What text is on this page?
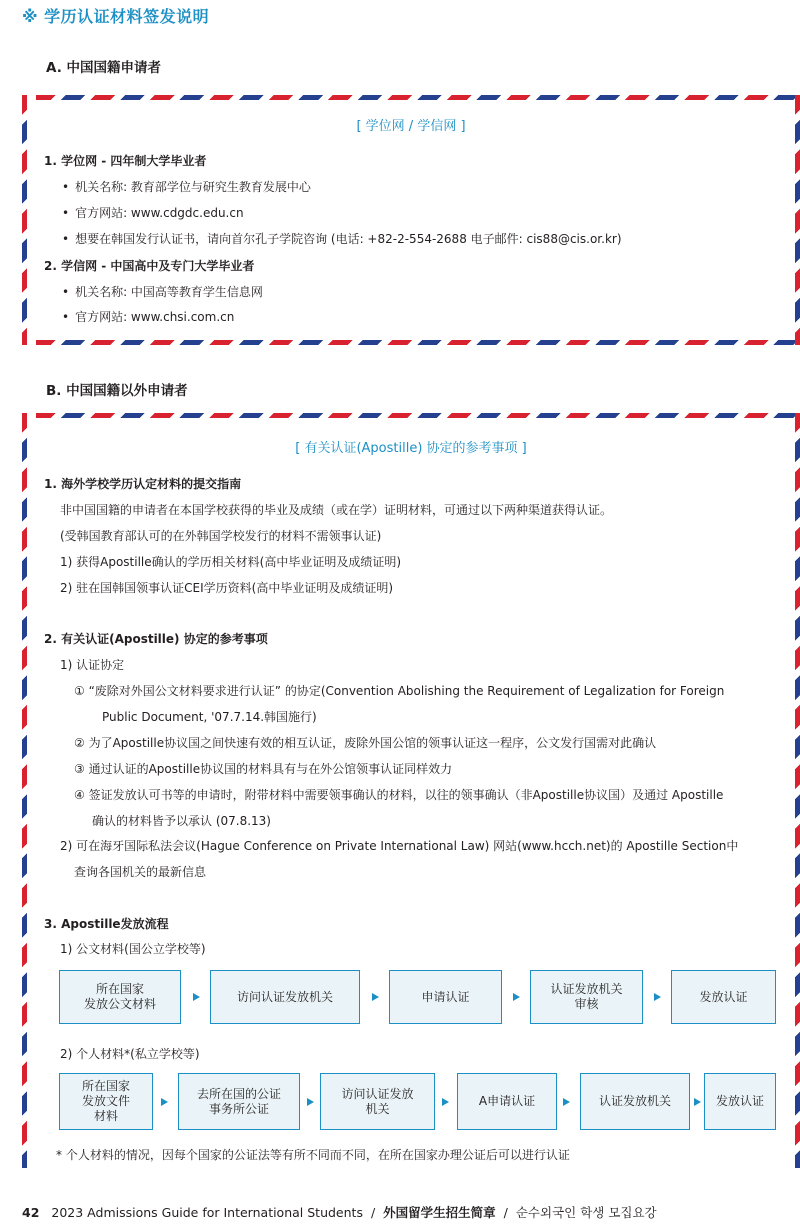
※ 学历认证材料签发说明
A. 中国国籍申请者
[ 学位网 / 学信网 ]
1. 学位网 - 四年制大学毕业者
• 机关名称: 教育部学位与研究生教育发展中心
• 官方网站: www.cdgdc.edu.cn
• 想要在韩国发行认证书，请向首尔孔子学院咨询 (电话: +82-2-554-2688 电子邮件: cis88@cis.or.kr)
2. 学信网 - 中国高中及专门大学毕业者
• 机关名称: 中国高等教育学生信息网
• 官方网站: www.chsi.com.cn
B. 中国国籍以外申请者
[ 有关认证(Apostille) 协定的参考事项 ]
1. 海外学校学历认定材料的提交指南
非中国国籍的申请者在本国学校获得的毕业及成绩（或在学）证明材料，可通过以下两种渠道获得认证。
(受韩国教育部认可的在外韩国学校发行的材料不需领事认证)
1) 获得Apostille确认的学历相关材料(高中毕业证明及成绩证明)
2) 驻在国韩国领事认证CEI学历资料(高中毕业证明及成绩证明)
2. 有关认证(Apostille) 协定的参考事项
1) 认证协定
① “废除对外国公文材料要求进行认证” 的协定(Convention Abolishing the Requirement of Legalization for Foreign
Public Document, '07.7.14.韩国施行)
② 为了Apostille协议国之间快速有效的相互认证，废除外国公馆的领事认证这一程序，公文发行国需对此确认
③ 通过认证的Apostille协议国的材料具有与在外公馆领事认证同样效力
④ 签证发放认可书等的申请时，附带材料中需要领事确认的材料，以往的领事确认（非Apostille协议国）及通过 Apostille
确认的材料皆予以承认 (07.8.13)
2) 可在海牙国际私法会议(Hague Conference on Private International Law) 网站(www.hcch.net)的 Apostille Section中
查询各国机关的最新信息
3. Apostille发放流程
1) 公文材料(国公立学校等)
所在国家
发放公文材料
访问认证发放机关	申请认证
认证发放机关
审核
发放认证
2) 个人材料*(私立学校等)
所在国家
发放文件
材料
去所在国的公证
事务所公证
访问认证发放
机关
A申请认证	认证发放机关	发放认证
* 个人材料的情况，因每个国家的公证法等有所不同而不同，在所在国家办理公证后可以进行认证
42 2023 Admissions Guide for International Students / 外国留学生招生简章 / 순수외국인 학생 모집요강
